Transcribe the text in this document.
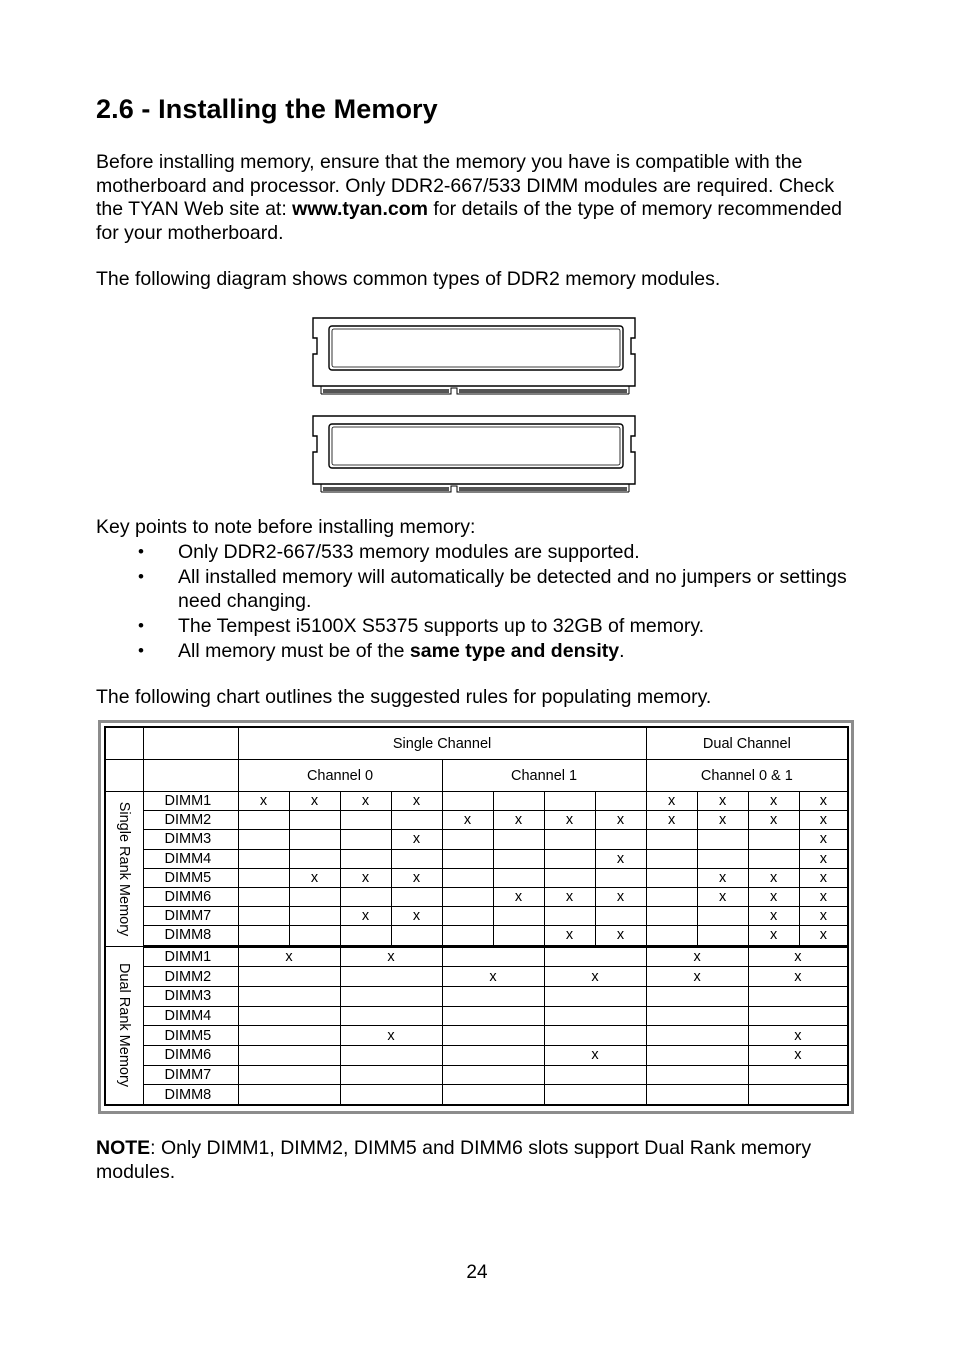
2.6 - Installing the Memory

Before installing memory, ensure that the memory you have is compatible with the motherboard and processor. Only DDR2-667/533 DIMM modules are required. Check the TYAN Web site at: www.tyan.com for details of the type of memory recommended for your motherboard.

The following diagram shows common types of DDR2 memory modules.

Key points to note before installing memory:

• Only DDR2-667/533 memory modules are supported.
• All installed memory will automatically be detected and no jumpers or settings need changing.
• The Tempest i5100X S5375 supports up to 32GB of memory.
• All memory must be of the same type and density.

The following chart outlines the suggested rules for populating memory.

		Single Channel								Dual Channel			
		Channel 0				Channel 1				Channel 0 & 1			

Single Rank Memory	DIMM1	x	x	x	x					x	x	x	x
	DIMM2					x	x	x	x	x	x	x	x
	DIMM3				x								x
	DIMM4								x				x
	DIMM5		x	x	x						x	x	x
	DIMM6						x	x	x		x	x	x
	DIMM7			x	x							x	x
	DIMM8							x	x			x	x

Dual Rank Memory	DIMM1	x		x						x		x	
	DIMM2					x		x		x		x	
	DIMM3												
	DIMM4												
	DIMM5			x								x	
	DIMM6							x				x	
	DIMM7												
	DIMM8												

NOTE: Only DIMM1, DIMM2, DIMM5 and DIMM6 slots support Dual Rank memory modules.

24
